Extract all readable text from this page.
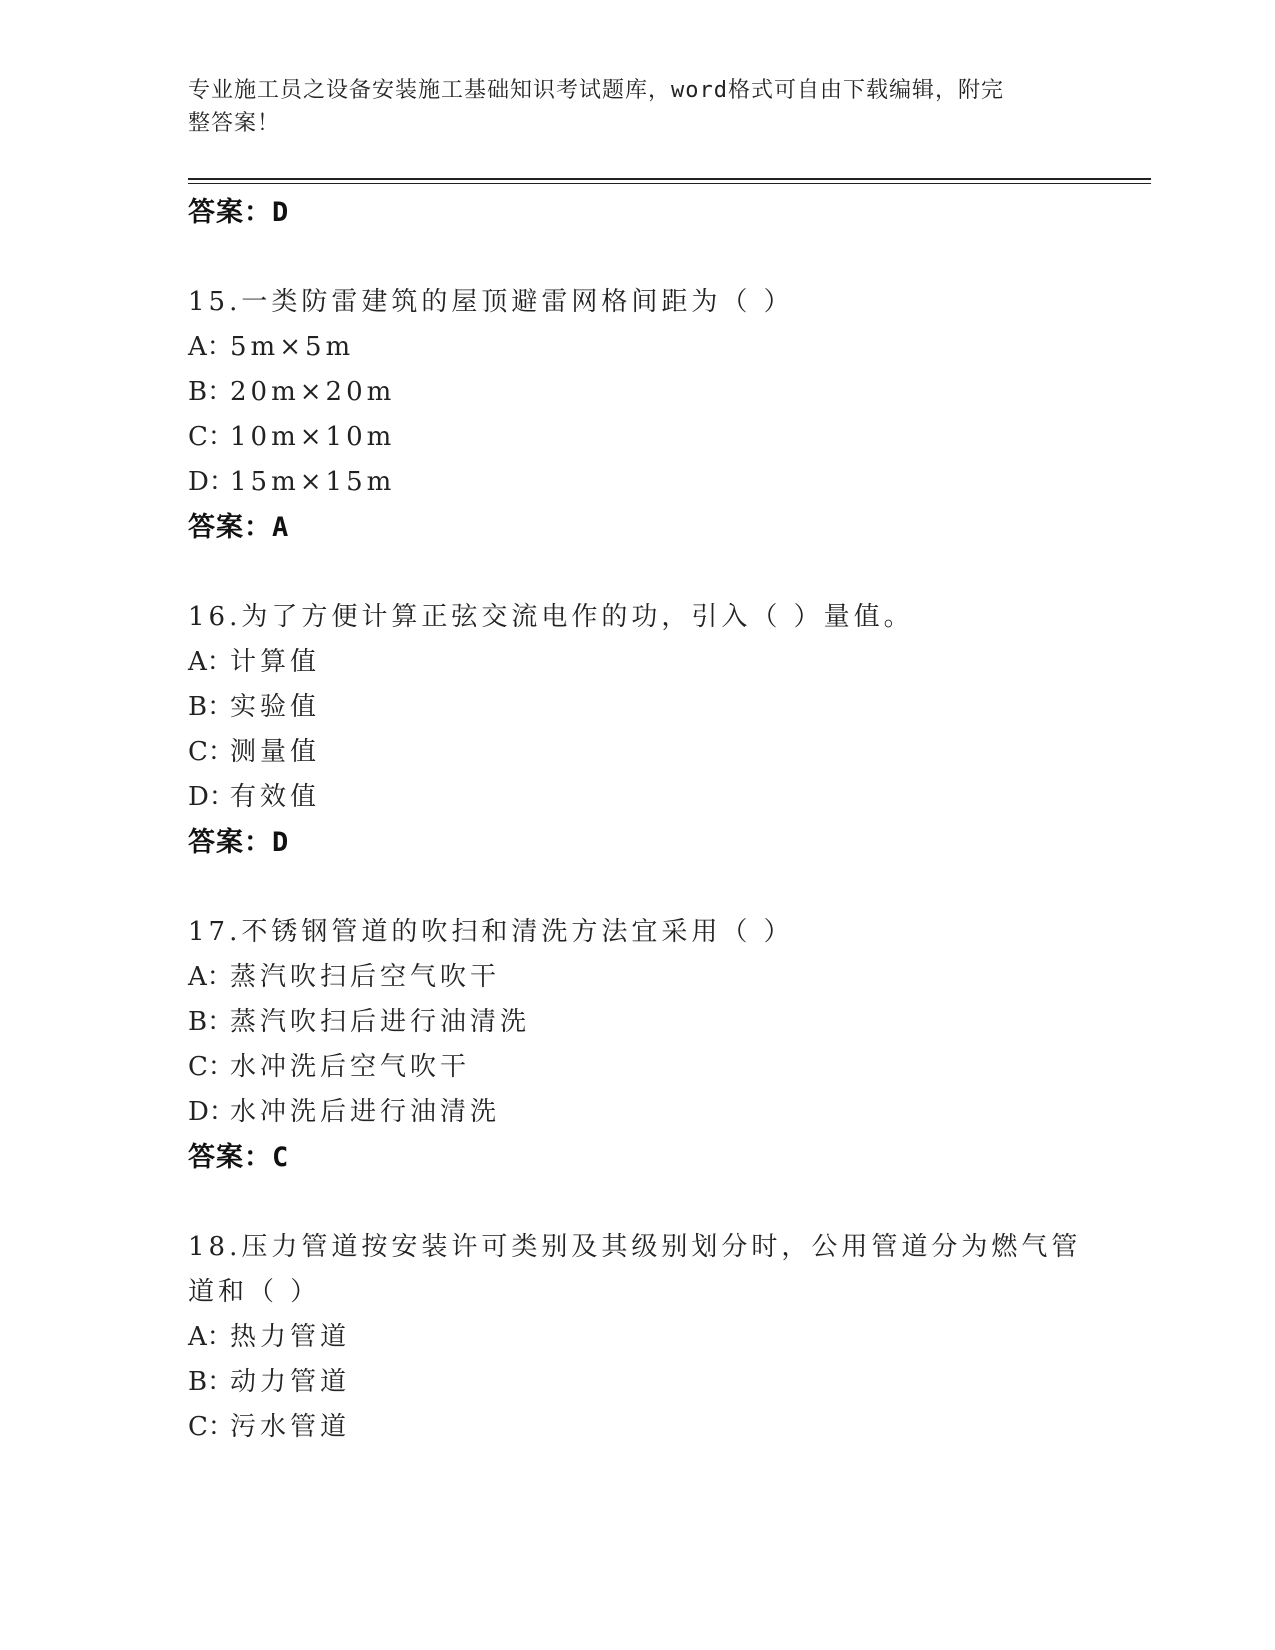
专业施工员之设备安装施工基础知识考试题库，word格式可自由下载编辑，附完
整答案！
答案：D
15.一类防雷建筑的屋顶避雷网格间距为（ ）
A：5m×5m
B：20m×20m
C：10m×10m
D：15m×15m
答案：A
16.为了方便计算正弦交流电作的功，引入（ ）量值。
A：计算值
B：实验值
C：测量值
D：有效值
答案：D
17.不锈钢管道的吹扫和清洗方法宜采用（ ）
A：蒸汽吹扫后空气吹干
B：蒸汽吹扫后进行油清洗
C：水冲洗后空气吹干
D：水冲洗后进行油清洗
答案：C
18.压力管道按安装许可类别及其级别划分时，公用管道分为燃气管道和（ ）
A：热力管道
B：动力管道
C：污水管道
